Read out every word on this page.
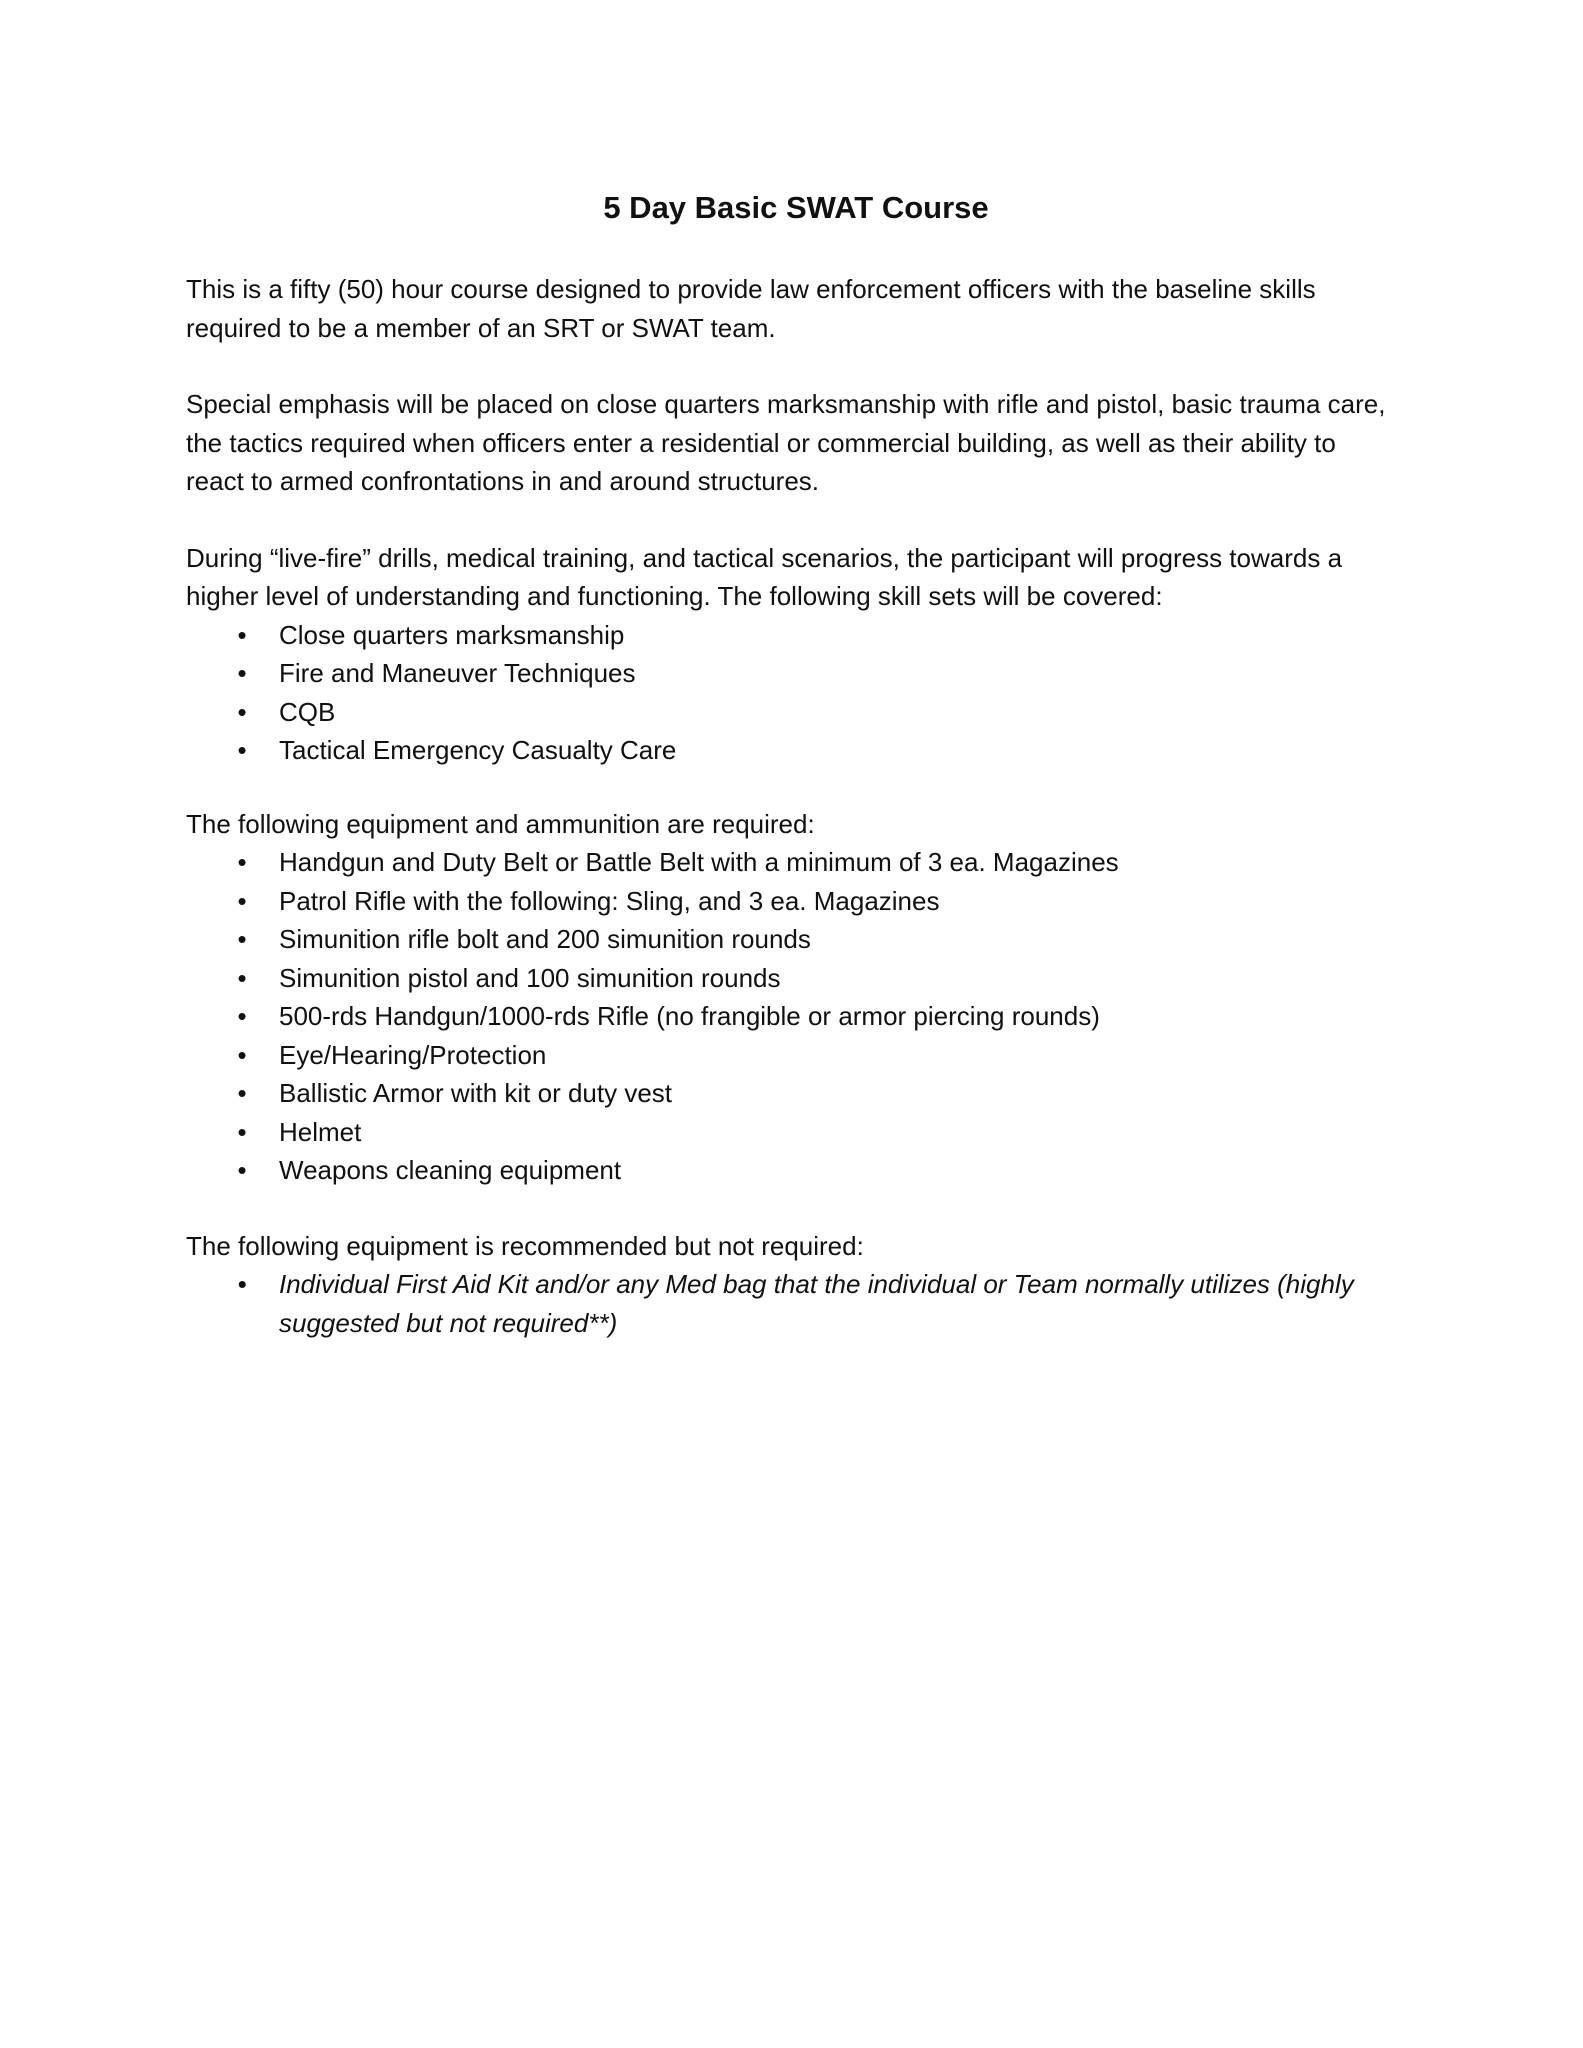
5 Day Basic SWAT Course

This is a fifty (50) hour course designed to provide law enforcement officers with the baseline skills required to be a member of an SRT or SWAT team.

Special emphasis will be placed on close quarters marksmanship with rifle and pistol, basic trauma care, the tactics required when officers enter a residential or commercial building, as well as their ability to react to armed confrontations in and around structures.

During “live-fire” drills, medical training, and tactical scenarios, the participant will progress towards a higher level of understanding and functioning. The following skill sets will be covered:

• Close quarters marksmanship
• Fire and Maneuver Techniques
• CQB
• Tactical Emergency Casualty Care

The following equipment and ammunition are required:

• Handgun and Duty Belt or Battle Belt with a minimum of 3 ea. Magazines
• Patrol Rifle with the following: Sling, and 3 ea. Magazines
• Simunition rifle bolt and 200 simunition rounds
• Simunition pistol and 100 simunition rounds
• 500-rds Handgun/1000-rds Rifle (no frangible or armor piercing rounds)
• Eye/Hearing/Protection
• Ballistic Armor with kit or duty vest
• Helmet
• Weapons cleaning equipment

The following equipment is recommended but not required:

• Individual First Aid Kit and/or any Med bag that the individual or Team normally utilizes (highly suggested but not required**)
